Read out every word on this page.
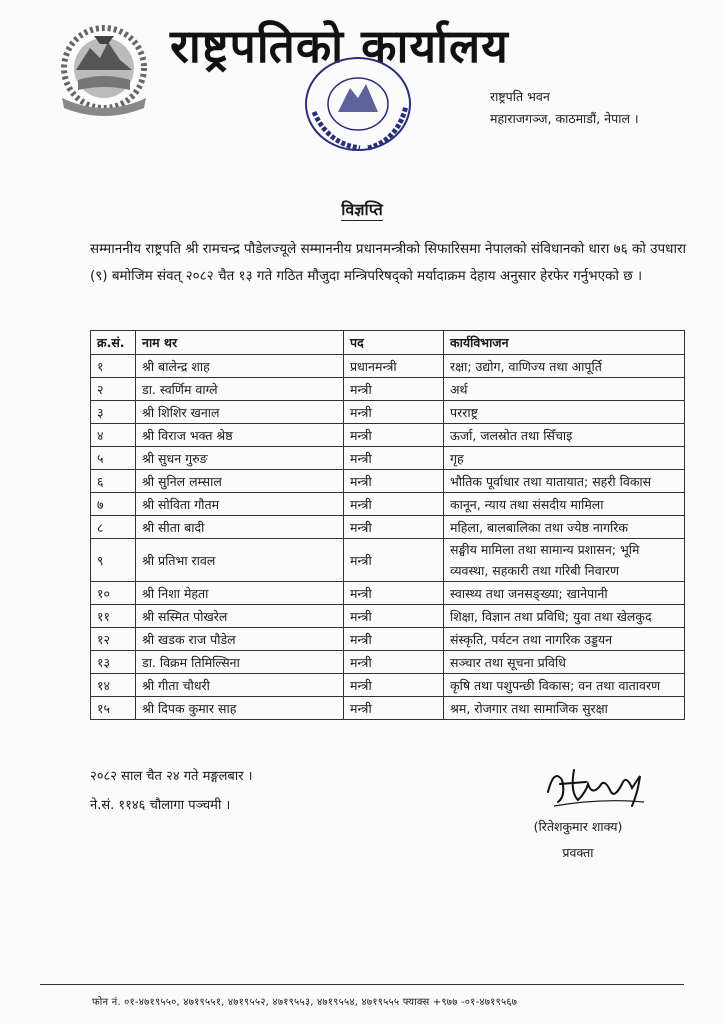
राष्ट्रपतिको कार्यालय
राष्ट्रपति भवन
महाराजगञ्ज, काठमाडौं, नेपाल ।
विज्ञप्ति
सम्माननीय राष्ट्रपति श्री रामचन्द्र पौडेलज्यूले सम्माननीय प्रधानमन्त्रीको सिफारिसमा नेपालको संविधानको धारा ७६ को उपधारा (९) बमोजिम संवत् २०८२ चैत १३ गते गठित मौजुदा मन्त्रिपरिषद्को मर्यादाक्रम देहाय अनुसार हेरफेर गर्नुभएको छ ।
क्र.सं.	नाम थर	पद	कार्यविभाजन
१	श्री बालेन्द्र शाह	प्रधानमन्त्री	रक्षा; उद्योग, वाणिज्य तथा आपूर्ति
२	डा. स्वर्णिम वाग्ले	मन्त्री	अर्थ
३	श्री शिशिर खनाल	मन्त्री	परराष्ट्र
४	श्री विराज भक्त श्रेष्ठ	मन्त्री	ऊर्जा, जलस्रोत तथा सिँचाइ
५	श्री सुधन गुरुङ	मन्त्री	गृह
६	श्री सुनिल लम्साल	मन्त्री	भौतिक पूर्वाधार तथा यातायात; सहरी विकास
७	श्री सोविता गौतम	मन्त्री	कानून, न्याय तथा संसदीय मामिला
८	श्री सीता बादी	मन्त्री	महिला, बालबालिका तथा ज्येष्ठ नागरिक
९	श्री प्रतिभा रावल	मन्त्री	सङ्घीय मामिला तथा सामान्य प्रशासन; भूमि व्यवस्था, सहकारी तथा गरिबी निवारण
१०	श्री निशा मेहता	मन्त्री	स्वास्थ्य तथा जनसङ्ख्या; खानेपानी
११	श्री सस्मित पोखरेल	मन्त्री	शिक्षा, विज्ञान तथा प्रविधि; युवा तथा खेलकुद
१२	श्री खडक राज पौडेल	मन्त्री	संस्कृति, पर्यटन तथा नागरिक उड्डयन
१३	डा. विक्रम तिमिल्सिना	मन्त्री	सञ्चार तथा सूचना प्रविधि
१४	श्री गीता चौधरी	मन्त्री	कृषि तथा पशुपन्छी विकास; वन तथा वातावरण
१५	श्री दिपक कुमार साह	मन्त्री	श्रम, रोजगार तथा सामाजिक सुरक्षा
२०८२ साल चैत २४ गते मङ्गलबार ।
ने.सं. ११४६ चौलागा पञ्चमी ।
(रितेशकुमार शाक्य)
प्रवक्ता
फोन नं. ०१-४७१९५५०, ४७१९५५१, ४७१९५५२, ४७१९५५३, ४७१९५५४, ४७१९५५५ फ्याक्स +९७७ -०१-४७१९५६७
